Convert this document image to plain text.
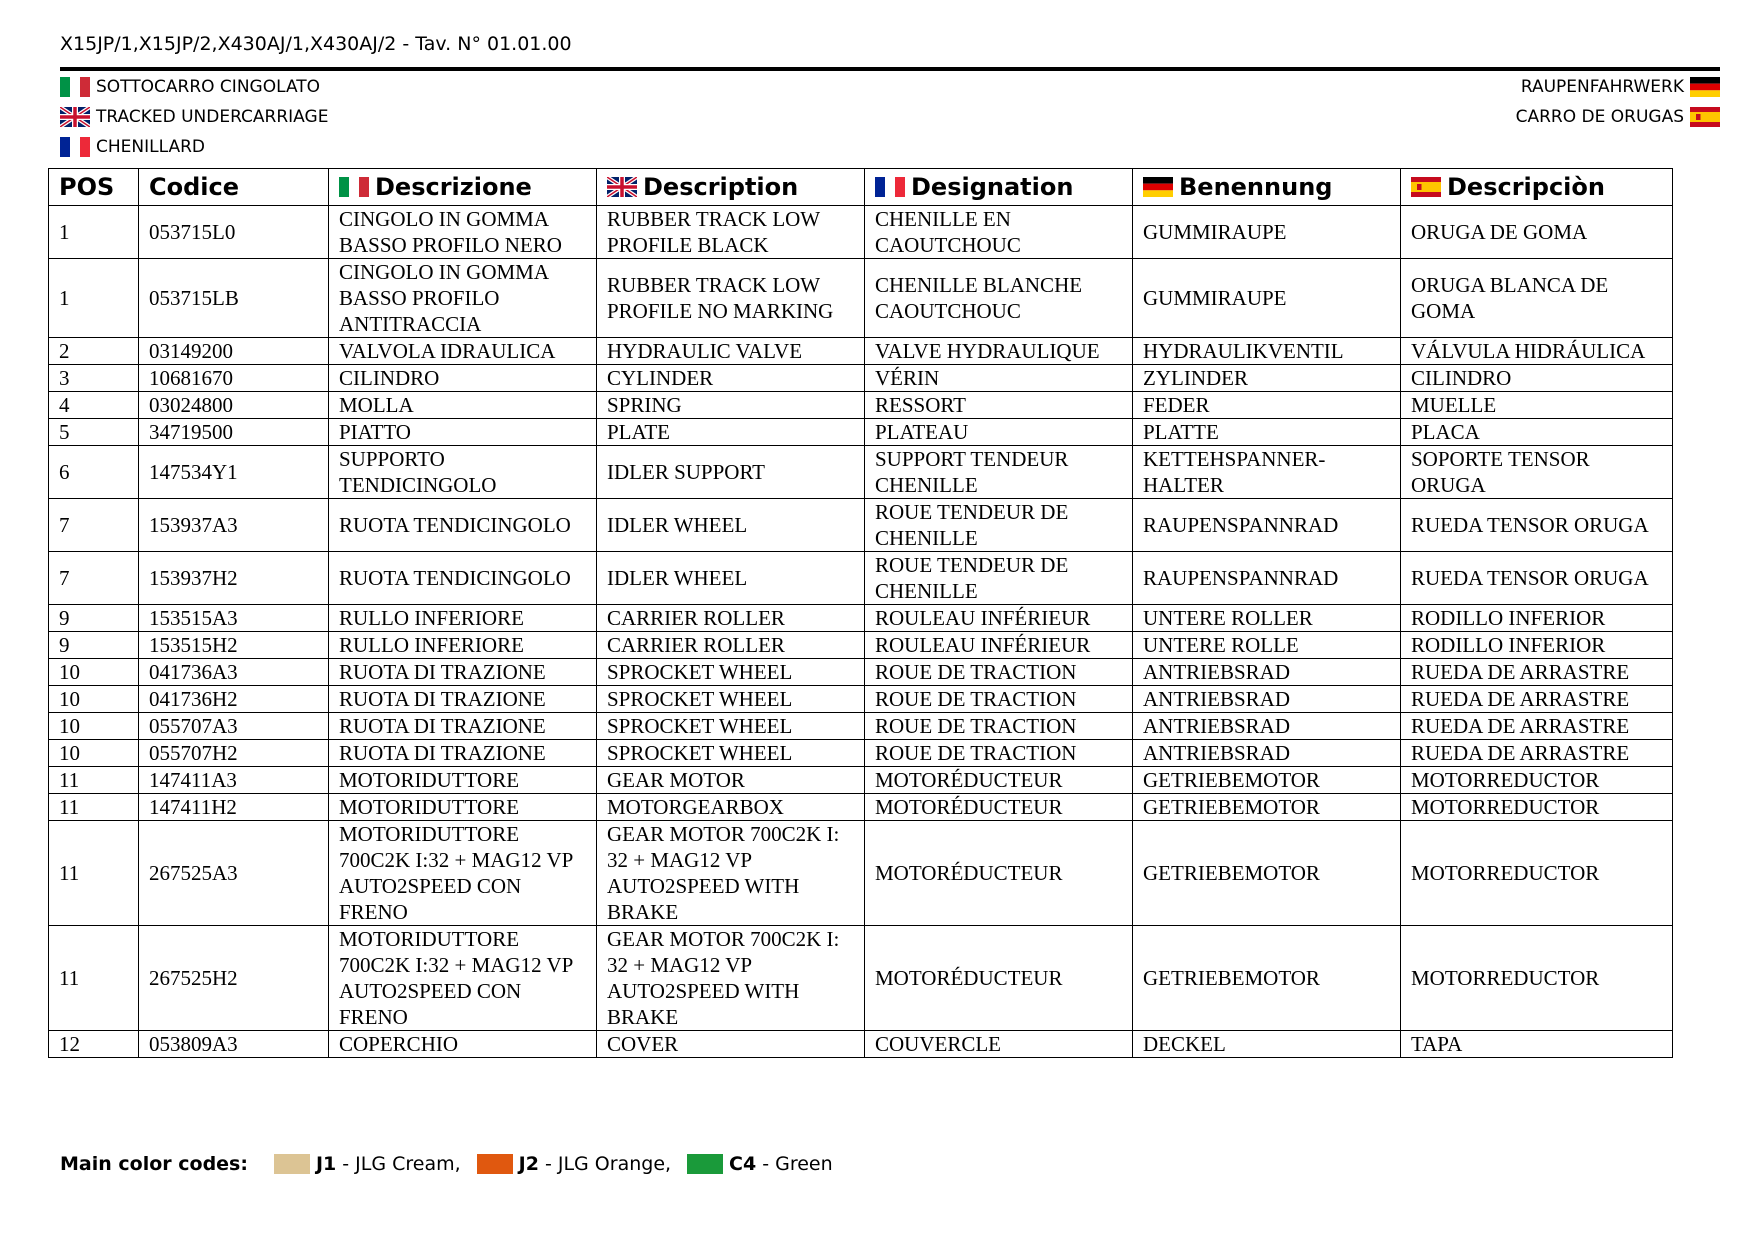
X15JP/1,X15JP/2,X430AJ/1,X430AJ/2 - Tav. N° 01.01.00
SOTTOCARRO CINGOLATO
TRACKED UNDERCARRIAGE
CHENILLARD
RAUPENFAHRWERK
CARRO DE ORUGAS
POS	Codice	Descrizione	Description	Designation	Benennung	Descripciòn

1	053715L0	CINGOLO IN GOMMA BASSO PROFILO NERO	RUBBER TRACK LOW PROFILE BLACK	CHENILLE EN CAOUTCHOUC	GUMMIRAUPE	ORUGA DE GOMA
1	053715LB	CINGOLO IN GOMMA BASSO PROFILO ANTITRACCIA	RUBBER TRACK LOW PROFILE NO MARKING	CHENILLE BLANCHE CAOUTCHOUC	GUMMIRAUPE	ORUGA BLANCA DE GOMA
2	03149200	VALVOLA IDRAULICA	HYDRAULIC VALVE	VALVE HYDRAULIQUE	HYDRAULIKVENTIL	VÁLVULA HIDRÁULICA
3	10681670	CILINDRO	CYLINDER	VÉRIN	ZYLINDER	CILINDRO
4	03024800	MOLLA	SPRING	RESSORT	FEDER	MUELLE
5	34719500	PIATTO	PLATE	PLATEAU	PLATTE	PLACA
6	147534Y1	SUPPORTO TENDICINGOLO	IDLER SUPPORT	SUPPORT TENDEUR CHENILLE	KETTEHSPANNER-HALTER	SOPORTE TENSOR ORUGA
7	153937A3	RUOTA TENDICINGOLO	IDLER WHEEL	ROUE TENDEUR DE CHENILLE	RAUPENSPANNRAD	RUEDA TENSOR ORUGA
7	153937H2	RUOTA TENDICINGOLO	IDLER WHEEL	ROUE TENDEUR DE CHENILLE	RAUPENSPANNRAD	RUEDA TENSOR ORUGA
9	153515A3	RULLO INFERIORE	CARRIER ROLLER	ROULEAU INFÉRIEUR	UNTERE ROLLER	RODILLO INFERIOR
9	153515H2	RULLO INFERIORE	CARRIER ROLLER	ROULEAU INFÉRIEUR	UNTERE ROLLE	RODILLO INFERIOR
10	041736A3	RUOTA DI TRAZIONE	SPROCKET WHEEL	ROUE DE TRACTION	ANTRIEBSRAD	RUEDA DE ARRASTRE
10	041736H2	RUOTA DI TRAZIONE	SPROCKET WHEEL	ROUE DE TRACTION	ANTRIEBSRAD	RUEDA DE ARRASTRE
10	055707A3	RUOTA DI TRAZIONE	SPROCKET WHEEL	ROUE DE TRACTION	ANTRIEBSRAD	RUEDA DE ARRASTRE
10	055707H2	RUOTA DI TRAZIONE	SPROCKET WHEEL	ROUE DE TRACTION	ANTRIEBSRAD	RUEDA DE ARRASTRE
11	147411A3	MOTORIDUTTORE	GEAR MOTOR	MOTORÉDUCTEUR	GETRIEBEMOTOR	MOTORREDUCTOR
11	147411H2	MOTORIDUTTORE	MOTORGEARBOX	MOTORÉDUCTEUR	GETRIEBEMOTOR	MOTORREDUCTOR
11	267525A3	MOTORIDUTTORE 700C2K I:32 + MAG12 VP AUTO2SPEED CON FRENO	GEAR MOTOR 700C2K I: 32 + MAG12 VP AUTO2SPEED WITH BRAKE	MOTORÉDUCTEUR	GETRIEBEMOTOR	MOTORREDUCTOR
11	267525H2	MOTORIDUTTORE 700C2K I:32 + MAG12 VP AUTO2SPEED CON FRENO	GEAR MOTOR 700C2K I: 32 + MAG12 VP AUTO2SPEED WITH BRAKE	MOTORÉDUCTEUR	GETRIEBEMOTOR	MOTORREDUCTOR
12	053809A3	COPERCHIO	COVER	COUVERCLE	DECKEL	TAPA
Main color codes:	J1 - JLG Cream,	J2 - JLG Orange,	C4 - Green
